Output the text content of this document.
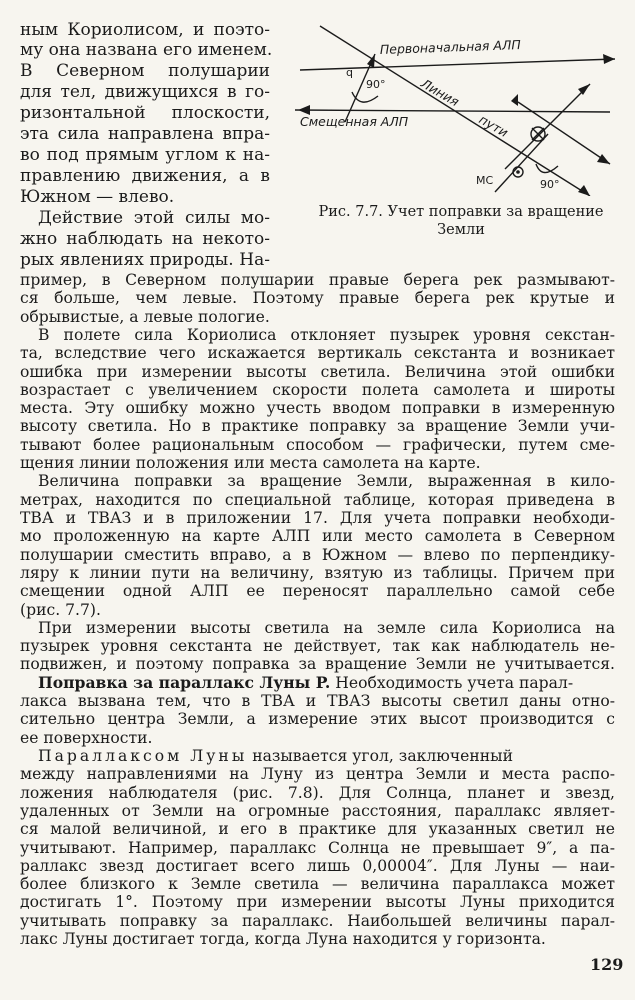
ным Кориолисом, и поэто-
му она названа его именем.
В Северном полушарии
для тел, движущихся в го-
ризонтальной плоскости,
эта сила направлена впра-
во под прямым углом к на-
правлению движения, а в
Южном — влево.
Действие этой силы мо-
жно наблюдать на некото-
рых явлениях природы. На-
Первоначальная АЛП
Смещенная АЛП
Линия
пути
q
90°
МС	90°
Рис. 7.7. Учет поправки за вращение
Земли
пример, в Северном полушарии правые берега рек размывают-
ся больше, чем левые. Поэтому правые берега рек крутые и
обрывистые, а левые пологие.
В полете сила Кориолиса отклоняет пузырек уровня секстан-
та, вследствие чего искажается вертикаль секстанта и возникает
ошибка при измерении высоты светила. Величина этой ошибки
возрастает с увеличением скорости полета самолета и широты
места. Эту ошибку можно учесть вводом поправки в измеренную
высоту светила. Но в практике поправку за вращение Земли учи-
тывают более рациональным способом — графически, путем сме-
щения линии положения или места самолета на карте.
Величина поправки за вращение Земли, выраженная в кило-
метрах, находится по специальной таблице, которая приведена в
ТВА и ТВАЗ и в приложении 17. Для учета поправки необходи-
мо проложенную на карте АЛП или место самолета в Северном
полушарии сместить вправо, а в Южном — влево по перпендику-
ляру к линии пути на величину, взятую из таблицы. Причем при
смещении одной АЛП ее переносят параллельно самой себе
(рис. 7.7).
При измерении высоты светила на земле сила Кориолиса на
пузырек уровня секстанта не действует, так как наблюдатель не-
подвижен, и поэтому поправка за вращение Земли не учитывается.
Поправка за параллакс Луны P. Необходимость учета парал-
лакса вызвана тем, что в ТВА и ТВАЗ высоты светил даны отно-
сительно центра Земли, а измерение этих высот производится с
ее поверхности.
Параллаксом Луны называется угол, заключенный
между направлениями на Луну из центра Земли и места распо-
ложения наблюдателя (рис. 7.8). Для Солнца, планет и звезд,
удаленных от Земли на огромные расстояния, параллакс являет-
ся малой величиной, и его в практике для указанных светил не
учитывают. Например, параллакс Солнца не превышает 9″, а па-
раллакс звезд достигает всего лишь 0,00004″. Для Луны — наи-
более близкого к Земле светила — величина параллакса может
достигать 1°. Поэтому при измерении высоты Луны приходится
учитывать поправку за параллакс. Наибольшей величины парал-
лакс Луны достигает тогда, когда Луна находится у горизонта.
129
